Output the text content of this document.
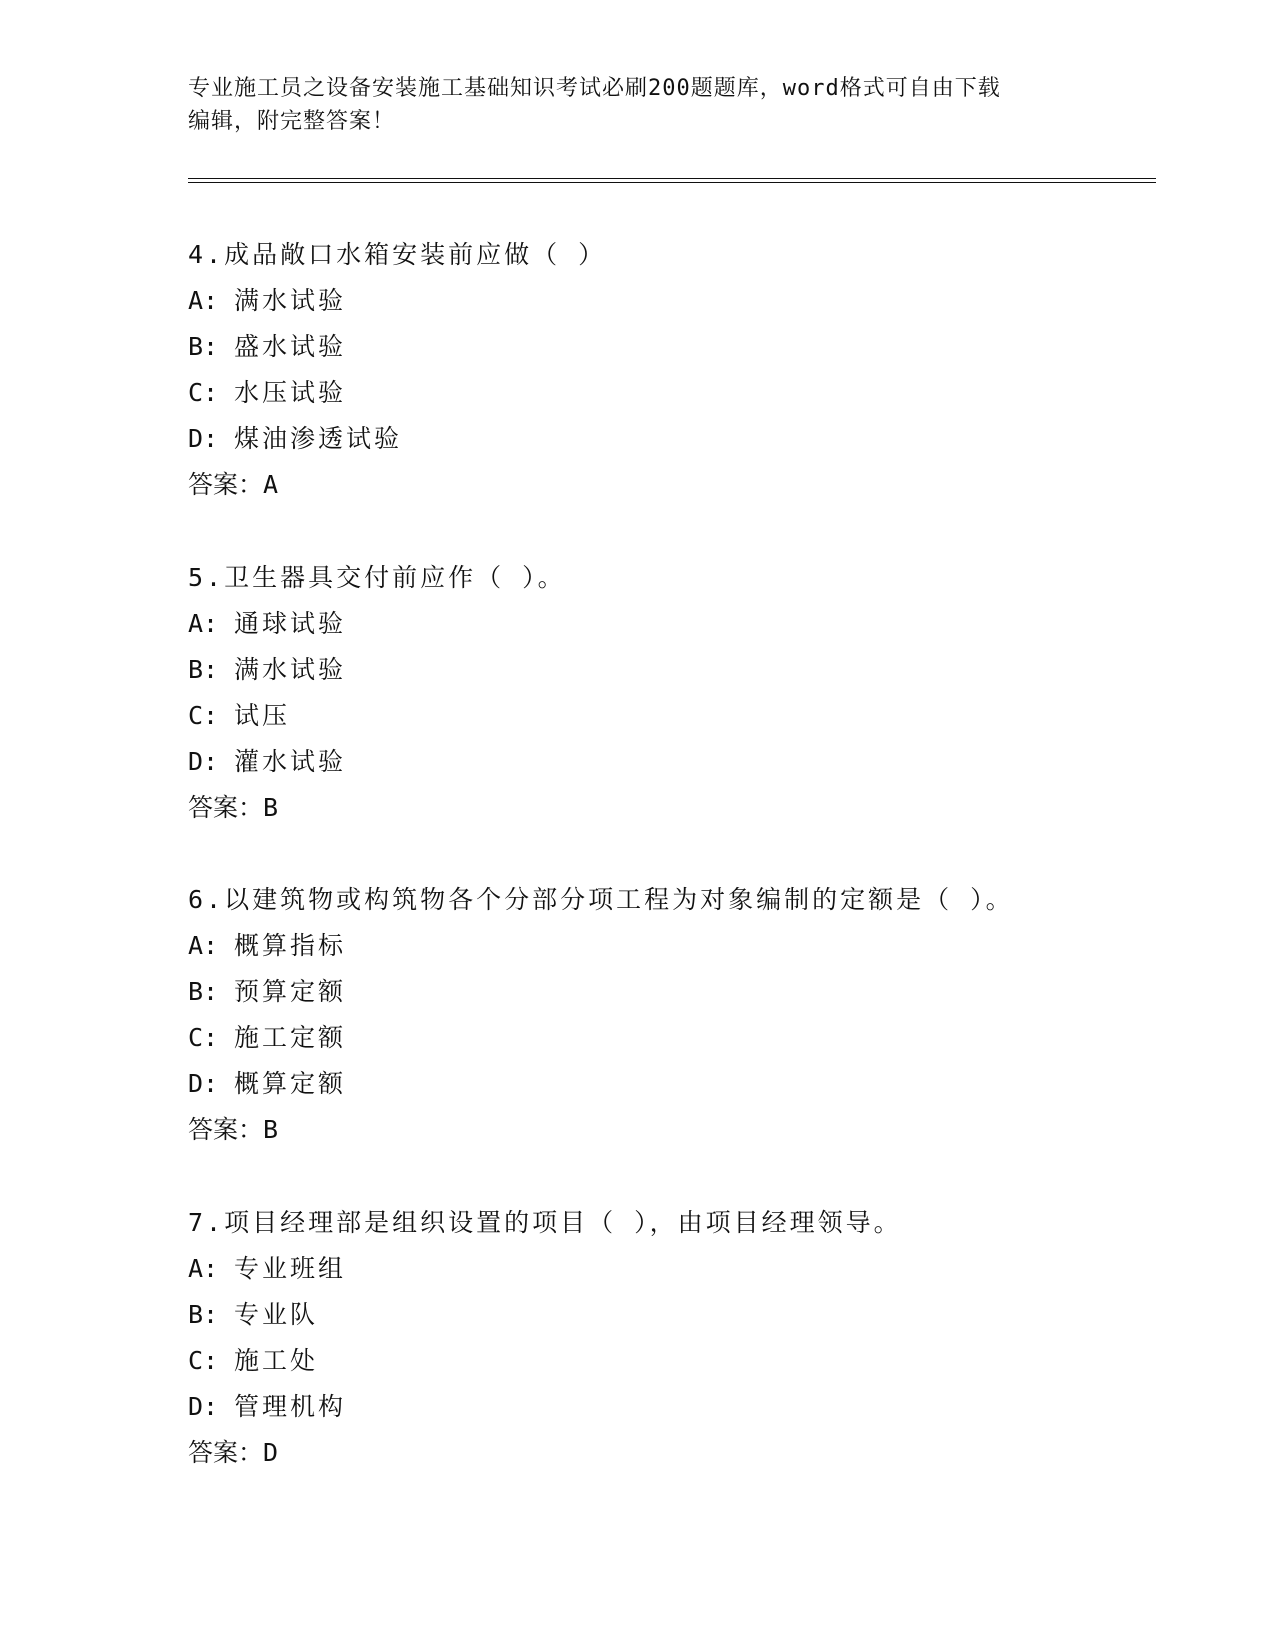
专业施工员之设备安装施工基础知识考试必刷200题题库，word格式可自由下载
编辑，附完整答案！
4.成品敞口水箱安装前应做（ ）
A: 满水试验
B: 盛水试验
C: 水压试验
D: 煤油渗透试验
答案：A
5.卫生器具交付前应作（ ）。
A: 通球试验
B: 满水试验
C: 试压
D: 灌水试验
答案：B
6.以建筑物或构筑物各个分部分项工程为对象编制的定额是（ ）。
A: 概算指标
B: 预算定额
C: 施工定额
D: 概算定额
答案：B
7.项目经理部是组织设置的项目（ ），由项目经理领导。
A: 专业班组
B: 专业队
C: 施工处
D: 管理机构
答案：D
